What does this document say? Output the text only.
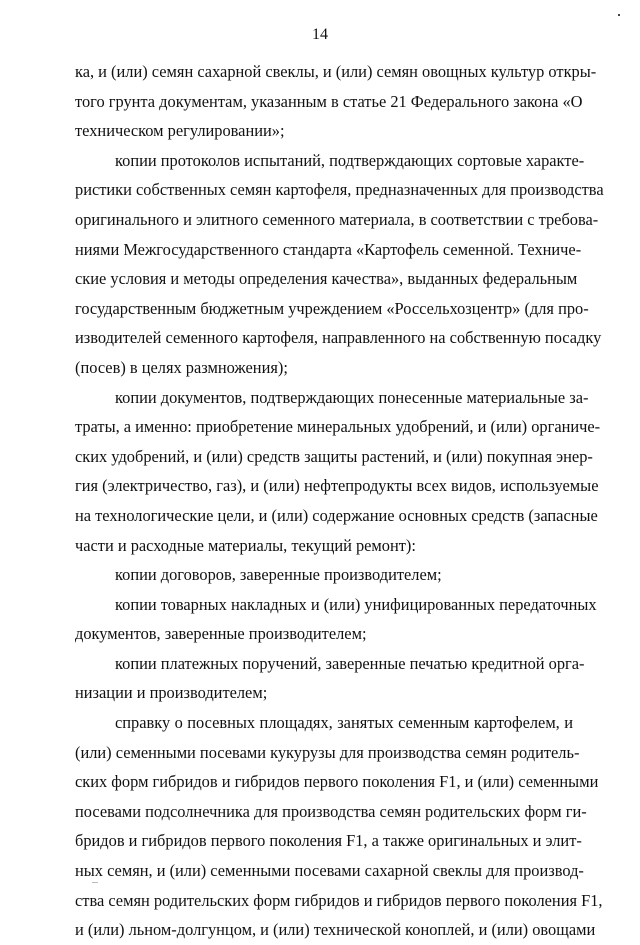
14
ка, и (или) семян сахарной свеклы, и (или) семян овощных культур откры-
того грунта документам, указанным в статье 21 Федерального закона «О
техническом регулировании»;
копии протоколов испытаний, подтверждающих сортовые характе-
ристики собственных семян картофеля, предназначенных для производства
оригинального и элитного семенного материала, в соответствии с требова-
ниями Межгосударственного стандарта «Картофель семенной. Техниче-
ские условия и методы определения качества», выданных федеральным
государственным бюджетным учреждением «Россельхозцентр» (для про-
изводителей семенного картофеля, направленного на собственную посадку
(посев) в целях размножения);
копии документов, подтверждающих понесенные материальные за-
траты, а именно: приобретение минеральных удобрений, и (или) органиче-
ских удобрений, и (или) средств защиты растений, и (или) покупная энер-
гия (электричество, газ), и (или) нефтепродукты всех видов, используемые
на технологические цели, и (или) содержание основных средств (запасные
части и расходные материалы, текущий ремонт):
копии договоров, заверенные производителем;
копии товарных накладных и (или) унифицированных передаточных
документов, заверенные производителем;
копии платежных поручений, заверенные печатью кредитной орга-
низации и производителем;
справку о посевных площадях, занятых семенным картофелем, и
(или) семенными посевами кукурузы для производства семян родитель-
ских форм гибридов и гибридов первого поколения F1, и (или) семенными
посевами подсолнечника для производства семян родительских форм ги-
бридов и гибридов первого поколения F1, а также оригинальных и элит-
ных семян, и (или) семенными посевами сахарной свеклы для производ-
ства семян родительских форм гибридов и гибридов первого поколения F1,
и (или) льном-долгунцом, и (или) технической коноплей, и (или) овощами
